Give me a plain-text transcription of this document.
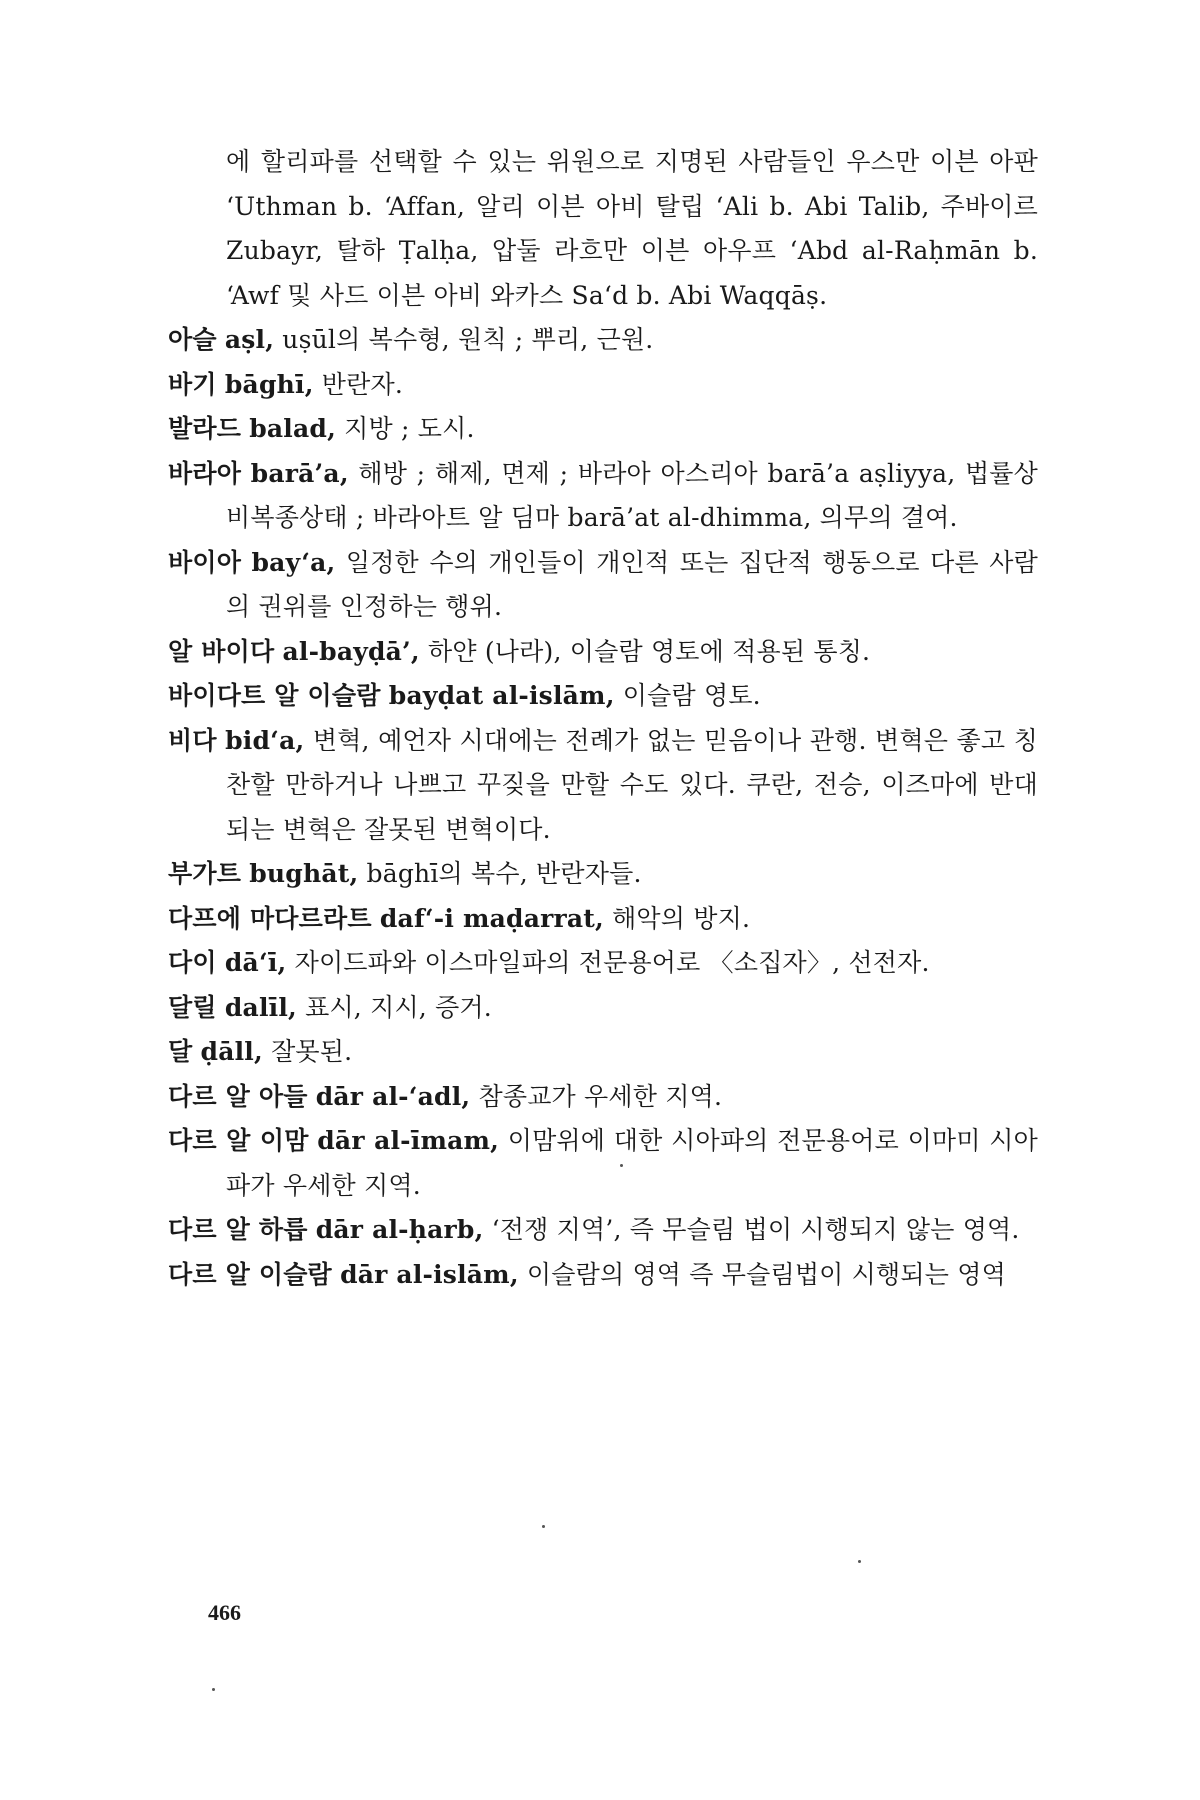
에 할리파를 선택할 수 있는 위원으로 지명된 사람들인 우스만 이븐 아판 ‘Uthman b. ‘Affan, 알리 이븐 아비 탈립 ‘Ali b. Abi Talib, 주바이르 Zubayr, 탈하 Ṭalḥa, 압둘 라흐만 이븐 아우프 ‘Abd al-Raḥmān b. ‘Awf 및 사드 이븐 아비 와카스 Sa‘d b. Abi Waqqāṣ.

아슬 aṣl, uṣūl의 복수형, 원칙 ; 뿌리, 근원.

바기 bāghī, 반란자.

발라드 balad, 지방 ; 도시.

바라아 barā’a, 해방 ; 해제, 면제 ; 바라아 아스리아 barā’a aṣliyya, 법률상 비복종상태 ; 바라아트 알 딤마 barā’at al-dhimma, 의무의 결여.

바이아 bay‘a, 일정한 수의 개인들이 개인적 또는 집단적 행동으로 다른 사람의 권위를 인정하는 행위.

알 바이다 al-bayḍā’, 하얀 (나라), 이슬람 영토에 적용된 통칭.

바이다트 알 이슬람 bayḍat al-islām, 이슬람 영토.

비다 bid‘a, 변혁, 예언자 시대에는 전례가 없는 믿음이나 관행. 변혁은 좋고 칭찬할 만하거나 나쁘고 꾸짖을 만할 수도 있다. 쿠란, 전승, 이즈마에 반대되는 변혁은 잘못된 변혁이다.

부가트 bughāt, bāghī의 복수, 반란자들.

다프에 마다르라트 daf‘-i maḍarrat, 해악의 방지.

다이 dā‘ī, 자이드파와 이스마일파의 전문용어로 〈소집자〉, 선전자.

달릴 dalīl, 표시, 지시, 증거.

달 ḍāll, 잘못된.

다르 알 아들 dār al-‘adl, 참종교가 우세한 지역.

다르 알 이맘 dār al-īmam, 이맘위에 대한 시아파의 전문용어로 이마미 시아파가 우세한 지역.

다르 알 하릅 dār al-ḥarb, ‘전쟁 지역’, 즉 무슬림 법이 시행되지 않는 영역.

다르 알 이슬람 dār al-islām, 이슬람의 영역 즉 무슬림법이 시행되는 영역

466
